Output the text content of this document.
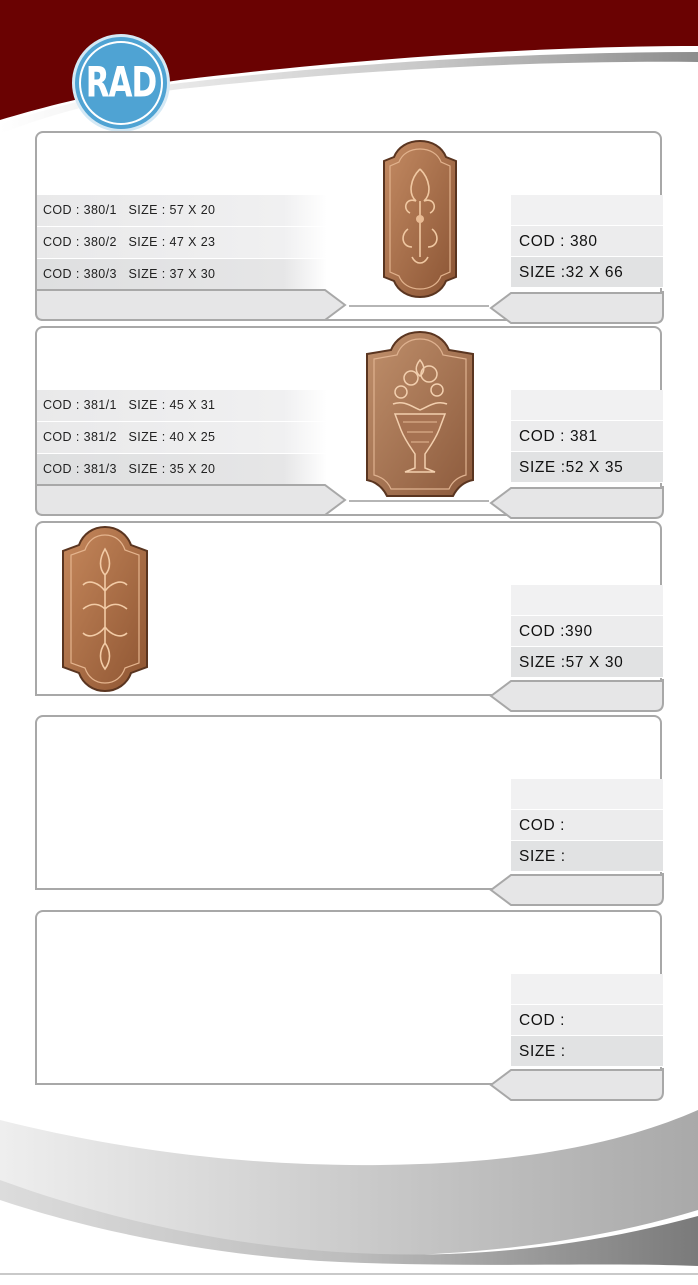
RAD
COD : 380/1 SIZE : 57 X 20
COD : 380/2 SIZE : 47 X 23
COD : 380/3 SIZE : 37 X 30
COD : 380
SIZE :32 X 66
COD : 381/1 SIZE : 45 X 31
COD : 381/2 SIZE : 40 X 25
COD : 381/3 SIZE : 35 X 20
COD : 381
SIZE :52 X 35
COD :390
SIZE :57 X 30
COD :
SIZE :
COD :
SIZE :
